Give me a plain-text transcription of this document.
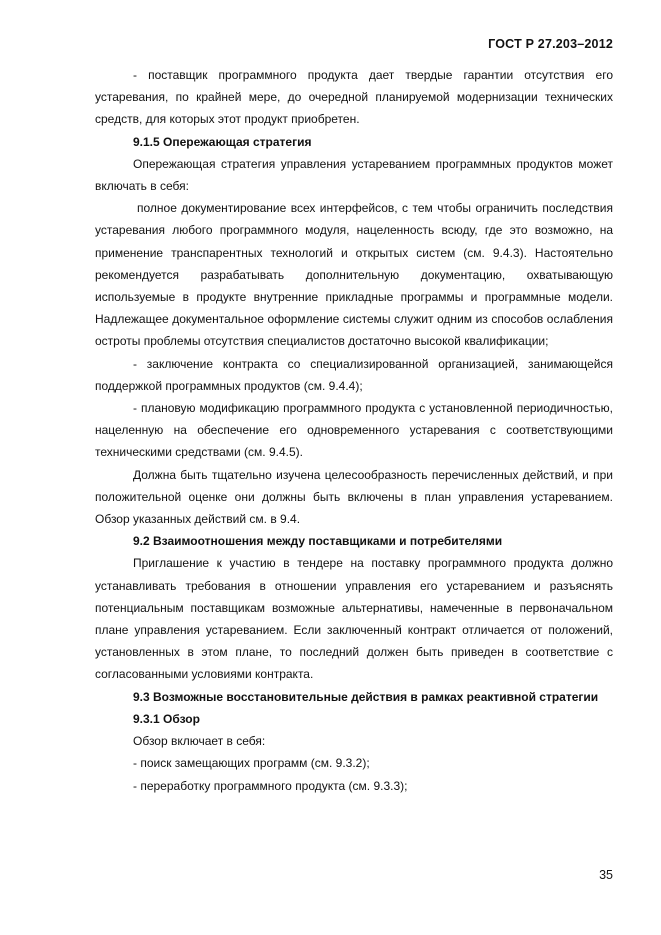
ГОСТ Р 27.203–2012

- поставщик программного продукта дает твердые гарантии отсутствия его устаревания, по крайней мере, до очередной планируемой модернизации технических средств, для которых этот продукт приобретен.

9.1.5 Опережающая стратегия

Опережающая стратегия управления устареванием программных продуктов может включать в себя:

полное документирование всех интерфейсов, с тем чтобы ограничить последствия устаревания любого программного модуля, нацеленность всюду, где это возможно, на применение транспарентных технологий и открытых систем (см. 9.4.3). Настоятельно рекомендуется разрабатывать дополнительную документацию, охватывающую используемые в продукте внутренние прикладные программы и программные модели. Надлежащее документальное оформление системы служит одним из способов ослабления остроты проблемы отсутствия специалистов достаточно высокой квалификации;

- заключение контракта со специализированной организацией, занимающейся поддержкой программных продуктов (см. 9.4.4);

- плановую модификацию программного продукта с установленной периодичностью, нацеленную на обеспечение его одновременного устаревания с соответствующими техническими средствами (см. 9.4.5).

Должна быть тщательно изучена целесообразность перечисленных действий, и при положительной оценке они должны быть включены в план управления устареванием. Обзор указанных действий см. в 9.4.

9.2 Взаимоотношения между поставщиками и потребителями

Приглашение к участию в тендере на поставку программного продукта должно устанавливать требования в отношении управления его устареванием и разъяснять потенциальным поставщикам возможные альтернативы, намеченные в первоначальном плане управления устареванием. Если заключенный контракт отличается от положений, установленных в этом плане, то последний должен быть приведен в соответствие с согласованными условиями контракта.

9.3 Возможные восстановительные действия в рамках реактивной стратегии

9.3.1 Обзор

Обзор включает в себя:

- поиск замещающих программ (см. 9.3.2);

- переработку программного продукта (см. 9.3.3);

35
